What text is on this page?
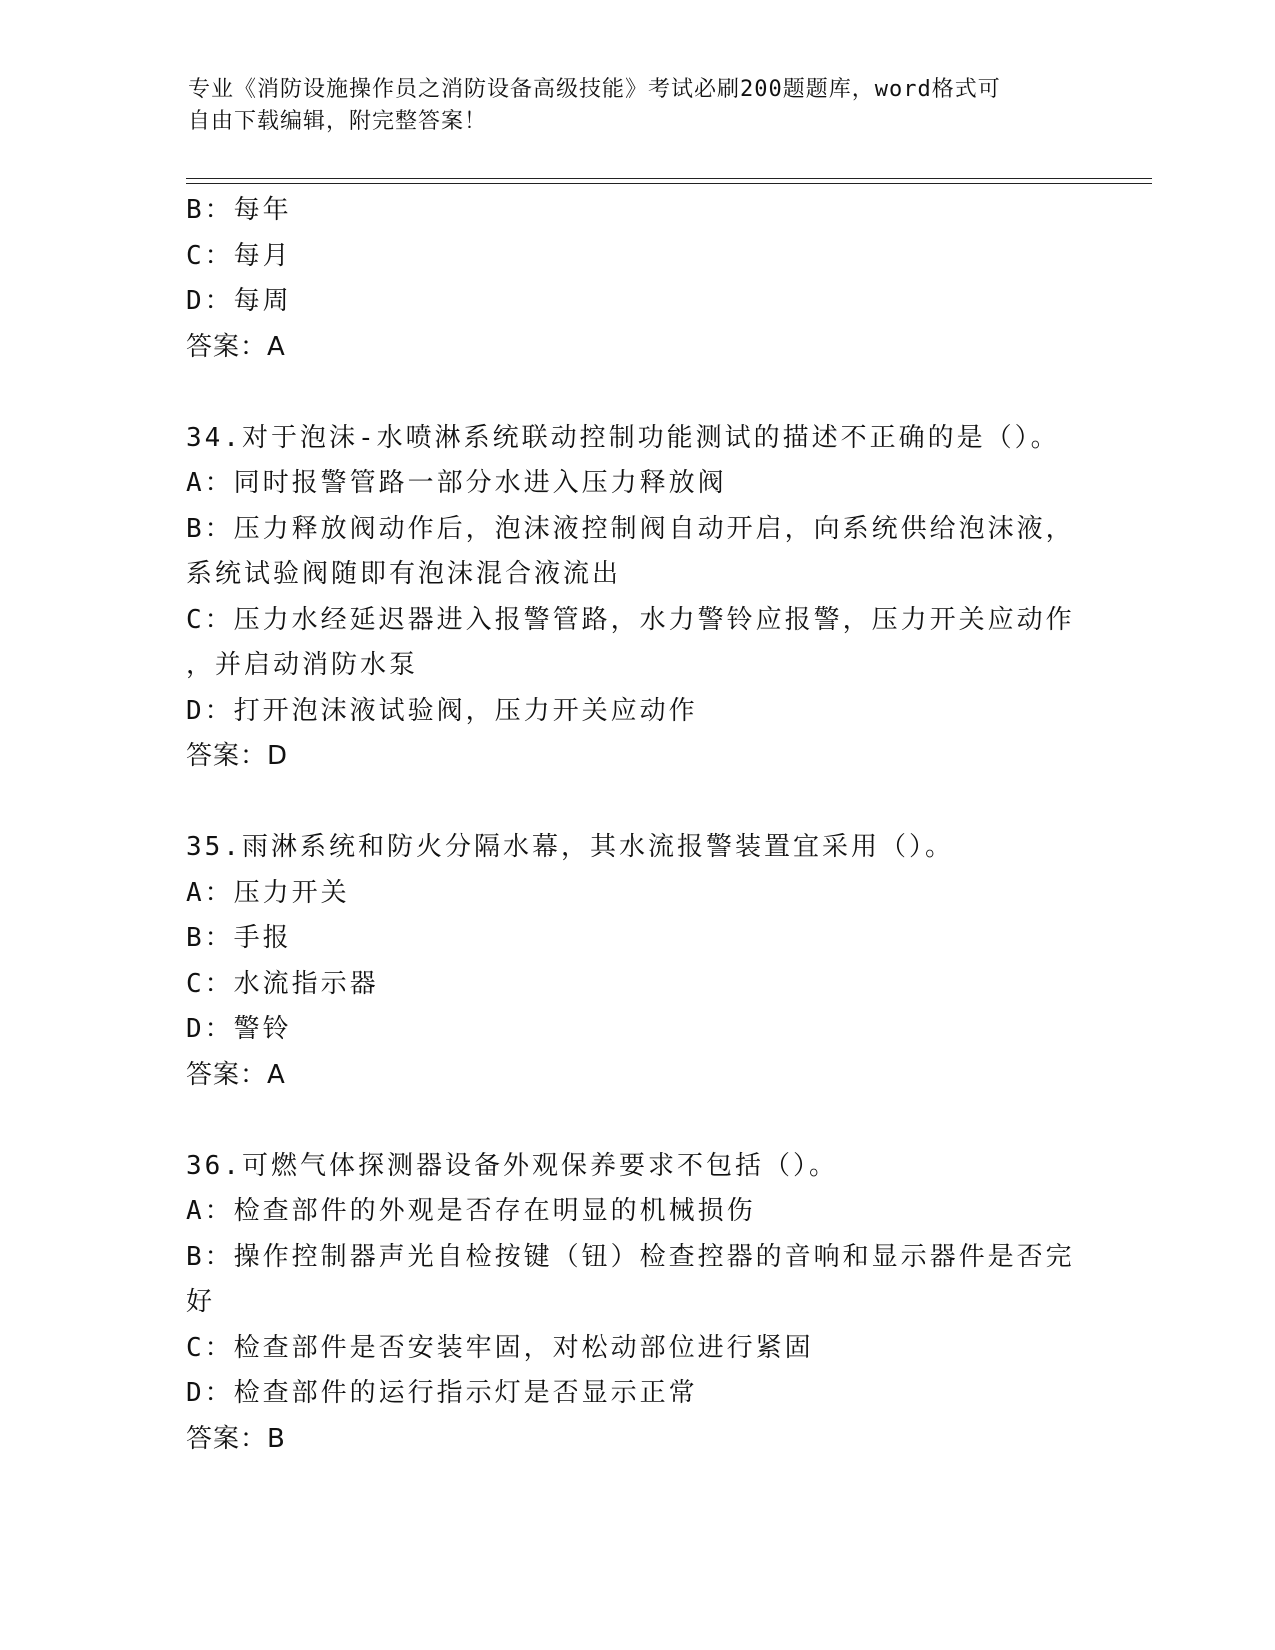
专业《消防设施操作员之消防设备高级技能》考试必刷200题题库，word格式可
自由下载编辑，附完整答案！
B：每年
C：每月
D：每周
答案：A
34.对于泡沫-水喷淋系统联动控制功能测试的描述不正确的是（）。
A：同时报警管路一部分水进入压力释放阀
B：压力释放阀动作后，泡沫液控制阀自动开启，向系统供给泡沫液，
系统试验阀随即有泡沫混合液流出
C：压力水经延迟器进入报警管路，水力警铃应报警，压力开关应动作
，并启动消防水泵
D：打开泡沫液试验阀，压力开关应动作
答案：D
35.雨淋系统和防火分隔水幕，其水流报警装置宜采用（）。
A：压力开关
B：手报
C：水流指示器
D：警铃
答案：A
36.可燃气体探测器设备外观保养要求不包括（）。
A：检查部件的外观是否存在明显的机械损伤
B：操作控制器声光自检按键（钮）检查控器的音响和显示器件是否完
好
C：检查部件是否安装牢固，对松动部位进行紧固
D：检查部件的运行指示灯是否显示正常
答案：B
